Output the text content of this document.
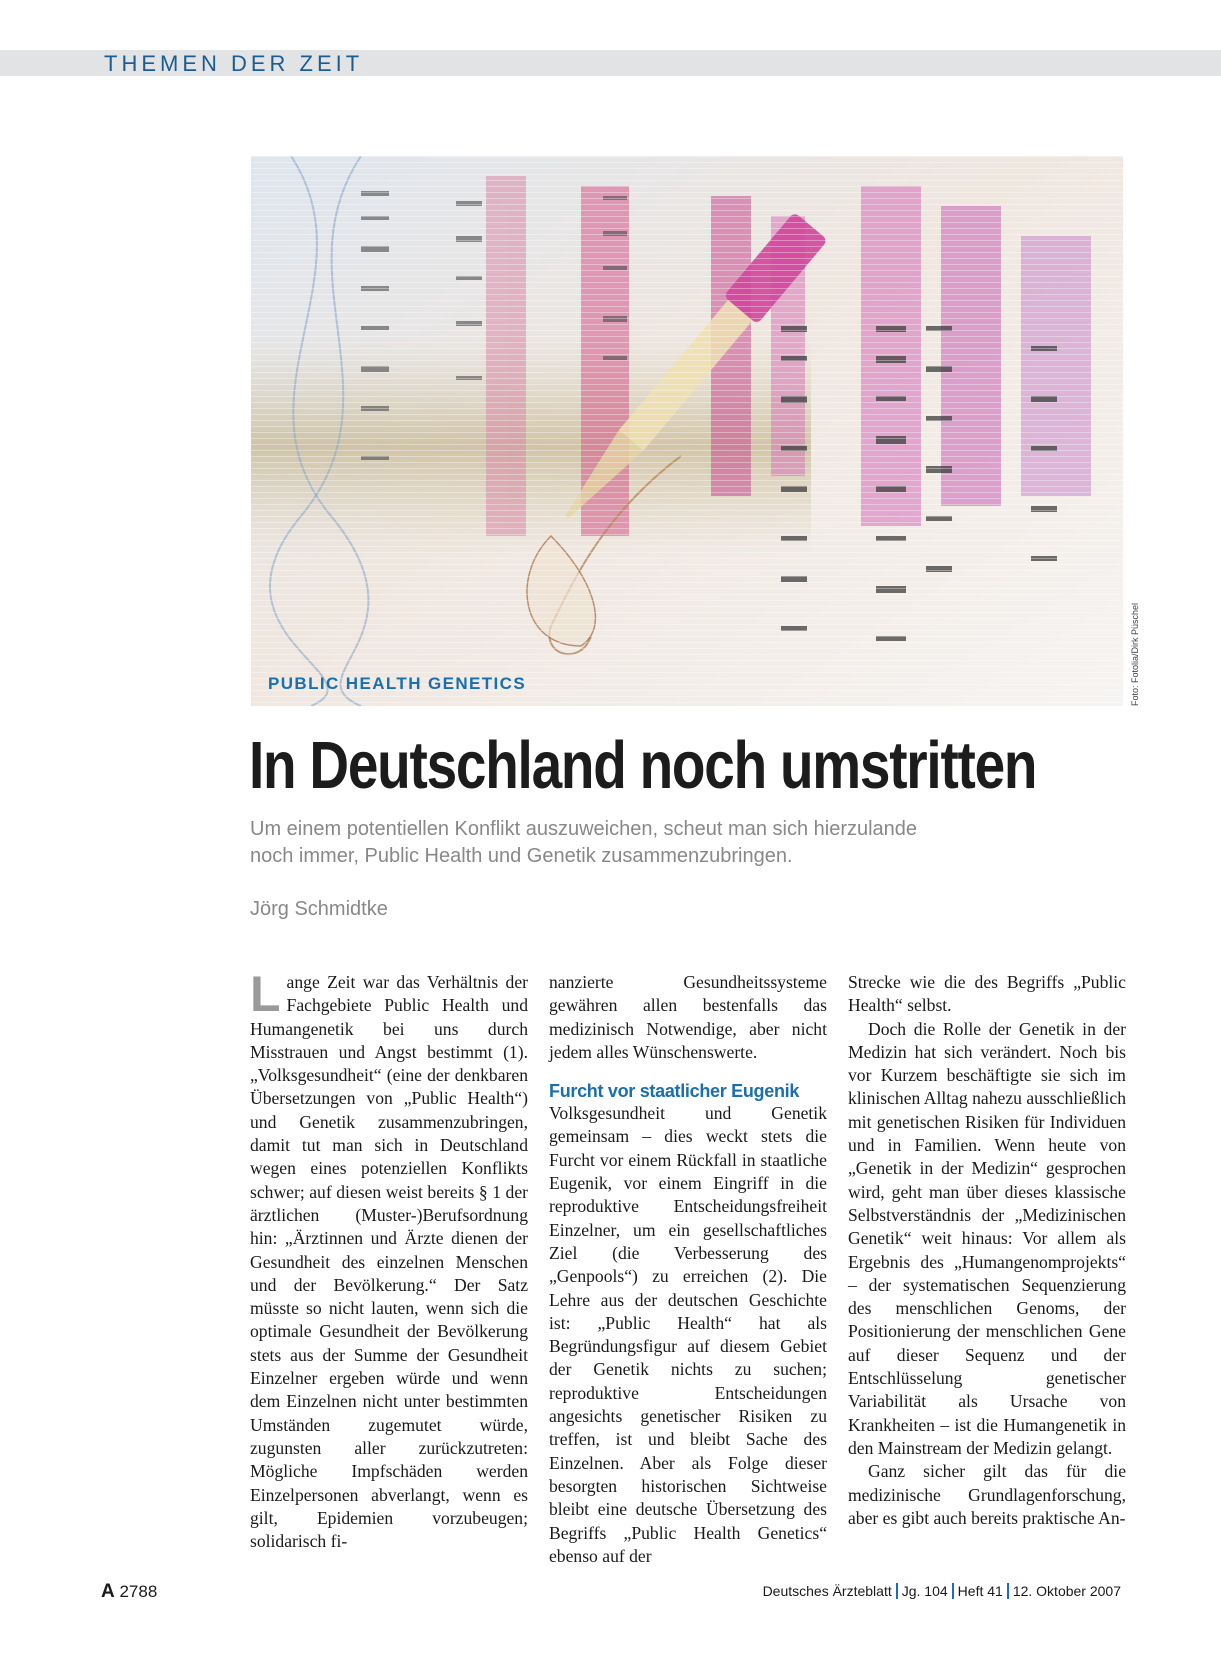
THEMEN DER ZEIT
PUBLIC HEALTH GENETICS	Foto: Fotolia/Dirk Püschel
In Deutschland noch umstritten
Um einem potentiellen Konflikt auszuweichen, scheut man sich hierzulande
noch immer, Public Health und Genetik zusammenzubringen.
Jörg Schmidtke

Lange Zeit war das Verhältnis der Fachgebiete Public Health und Humangenetik bei uns durch Misstrauen und Angst bestimmt (1). „Volksgesundheit“ (eine der denkbaren Übersetzungen von „Public Health“) und Genetik zusammenzubringen, damit tut man sich in Deutschland wegen eines potenziellen Konflikts schwer; auf diesen weist bereits § 1 der ärztlichen (Muster-)Berufsordnung hin: „Ärztinnen und Ärzte dienen der Gesundheit des einzelnen Menschen und der Bevölkerung.“ Der Satz müsste so nicht lauten, wenn sich die optimale Gesundheit der Bevölkerung stets aus der Summe der Gesundheit Einzelner ergeben würde und wenn dem Einzelnen nicht unter bestimmten Umständen zugemutet würde, zugunsten aller zurückzutreten: Mögliche Impfschäden werden Einzelpersonen abverlangt, wenn es gilt, Epidemien vorzubeugen; solidarisch fi-

nanzierte Gesundheitssysteme gewähren allen bestenfalls das medizinisch Notwendige, aber nicht jedem alles Wünschenswerte.

Furcht vor staatlicher Eugenik

Volksgesundheit und Genetik gemeinsam – dies weckt stets die Furcht vor einem Rückfall in staatliche Eugenik, vor einem Eingriff in die reproduktive Entscheidungsfreiheit Einzelner, um ein gesellschaftliches Ziel (die Verbesserung des „Genpools“) zu erreichen (2). Die Lehre aus der deutschen Geschichte ist: „Public Health“ hat als Begründungsfigur auf diesem Gebiet der Genetik nichts zu suchen; reproduktive Entscheidungen angesichts genetischer Risiken zu treffen, ist und bleibt Sache des Einzelnen. Aber als Folge dieser besorgten historischen Sichtweise bleibt eine deutsche Übersetzung des Begriffs „Public Health Genetics“ ebenso auf der

Strecke wie die des Begriffs „Public Health“ selbst.

Doch die Rolle der Genetik in der Medizin hat sich verändert. Noch bis vor Kurzem beschäftigte sie sich im klinischen Alltag nahezu ausschließlich mit genetischen Risiken für Individuen und in Familien. Wenn heute von „Genetik in der Medizin“ gesprochen wird, geht man über dieses klassische Selbstverständnis der „Medizinischen Genetik“ weit hinaus: Vor allem als Ergebnis des „Humangenomprojekts“ – der systematischen Sequenzierung des menschlichen Genoms, der Positionierung der menschlichen Gene auf dieser Sequenz und der Entschlüsselung genetischer Variabilität als Ursache von Krankheiten – ist die Humangenetik in den Mainstream der Medizin gelangt.

Ganz sicher gilt das für die medizinische Grundlagenforschung, aber es gibt auch bereits praktische An-

A 2788	Deutsches Ärzteblatt Jg. 104 Heft 41 12. Oktober 2007
